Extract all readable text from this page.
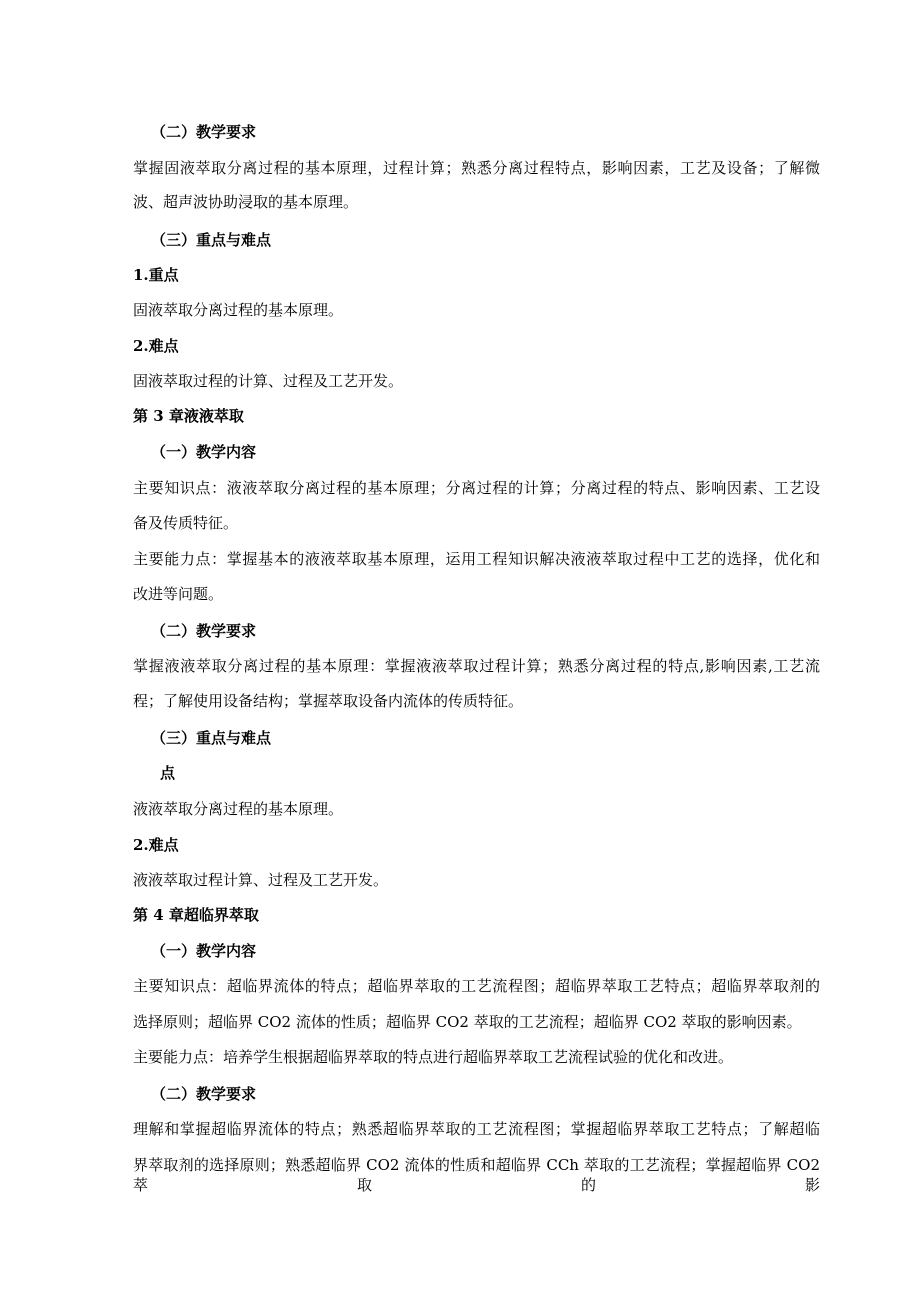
（二）教学要求
掌握固液萃取分离过程的基本原理，过程计算；熟悉分离过程特点，影响因素，工艺及设备；了解微
波、超声波协助浸取的基本原理。
（三）重点与难点
1.重点
固液萃取分离过程的基本原理。
2.难点
固液萃取过程的计算、过程及工艺开发。
第 3 章液液萃取
（一）教学内容
主要知识点：液液萃取分离过程的基本原理；分离过程的计算；分离过程的特点、影响因素、工艺设
备及传质特征。
主要能力点：掌握基本的液液萃取基本原理，运用工程知识解决液液萃取过程中工艺的选择，优化和
改进等问题。
（二）教学要求
掌握液液萃取分离过程的基本原理：掌握液液萃取过程计算；熟悉分离过程的特点,影响因素,工艺流
程；了解使用设备结构；掌握萃取设备内流体的传质特征。
（三）重点与难点
点
液液萃取分离过程的基本原理。
2.难点
液液萃取过程计算、过程及工艺开发。
第 4 章超临界萃取
（一）教学内容
主要知识点：超临界流体的特点；超临界萃取的工艺流程图；超临界萃取工艺特点；超临界萃取剂的
选择原则；超临界 CO2 流体的性质；超临界 CO2 萃取的工艺流程；超临界 CO2 萃取的影响因素。
主要能力点：培养学生根据超临界萃取的特点进行超临界萃取工艺流程试验的优化和改进。
（二）教学要求
理解和掌握超临界流体的特点；熟悉超临界萃取的工艺流程图；掌握超临界萃取工艺特点；了解超临
界萃取剂的选择原则；熟悉超临界 CO2 流体的性质和超临界 CCh 萃取的工艺流程；掌握超临界 CO2 萃取的影
